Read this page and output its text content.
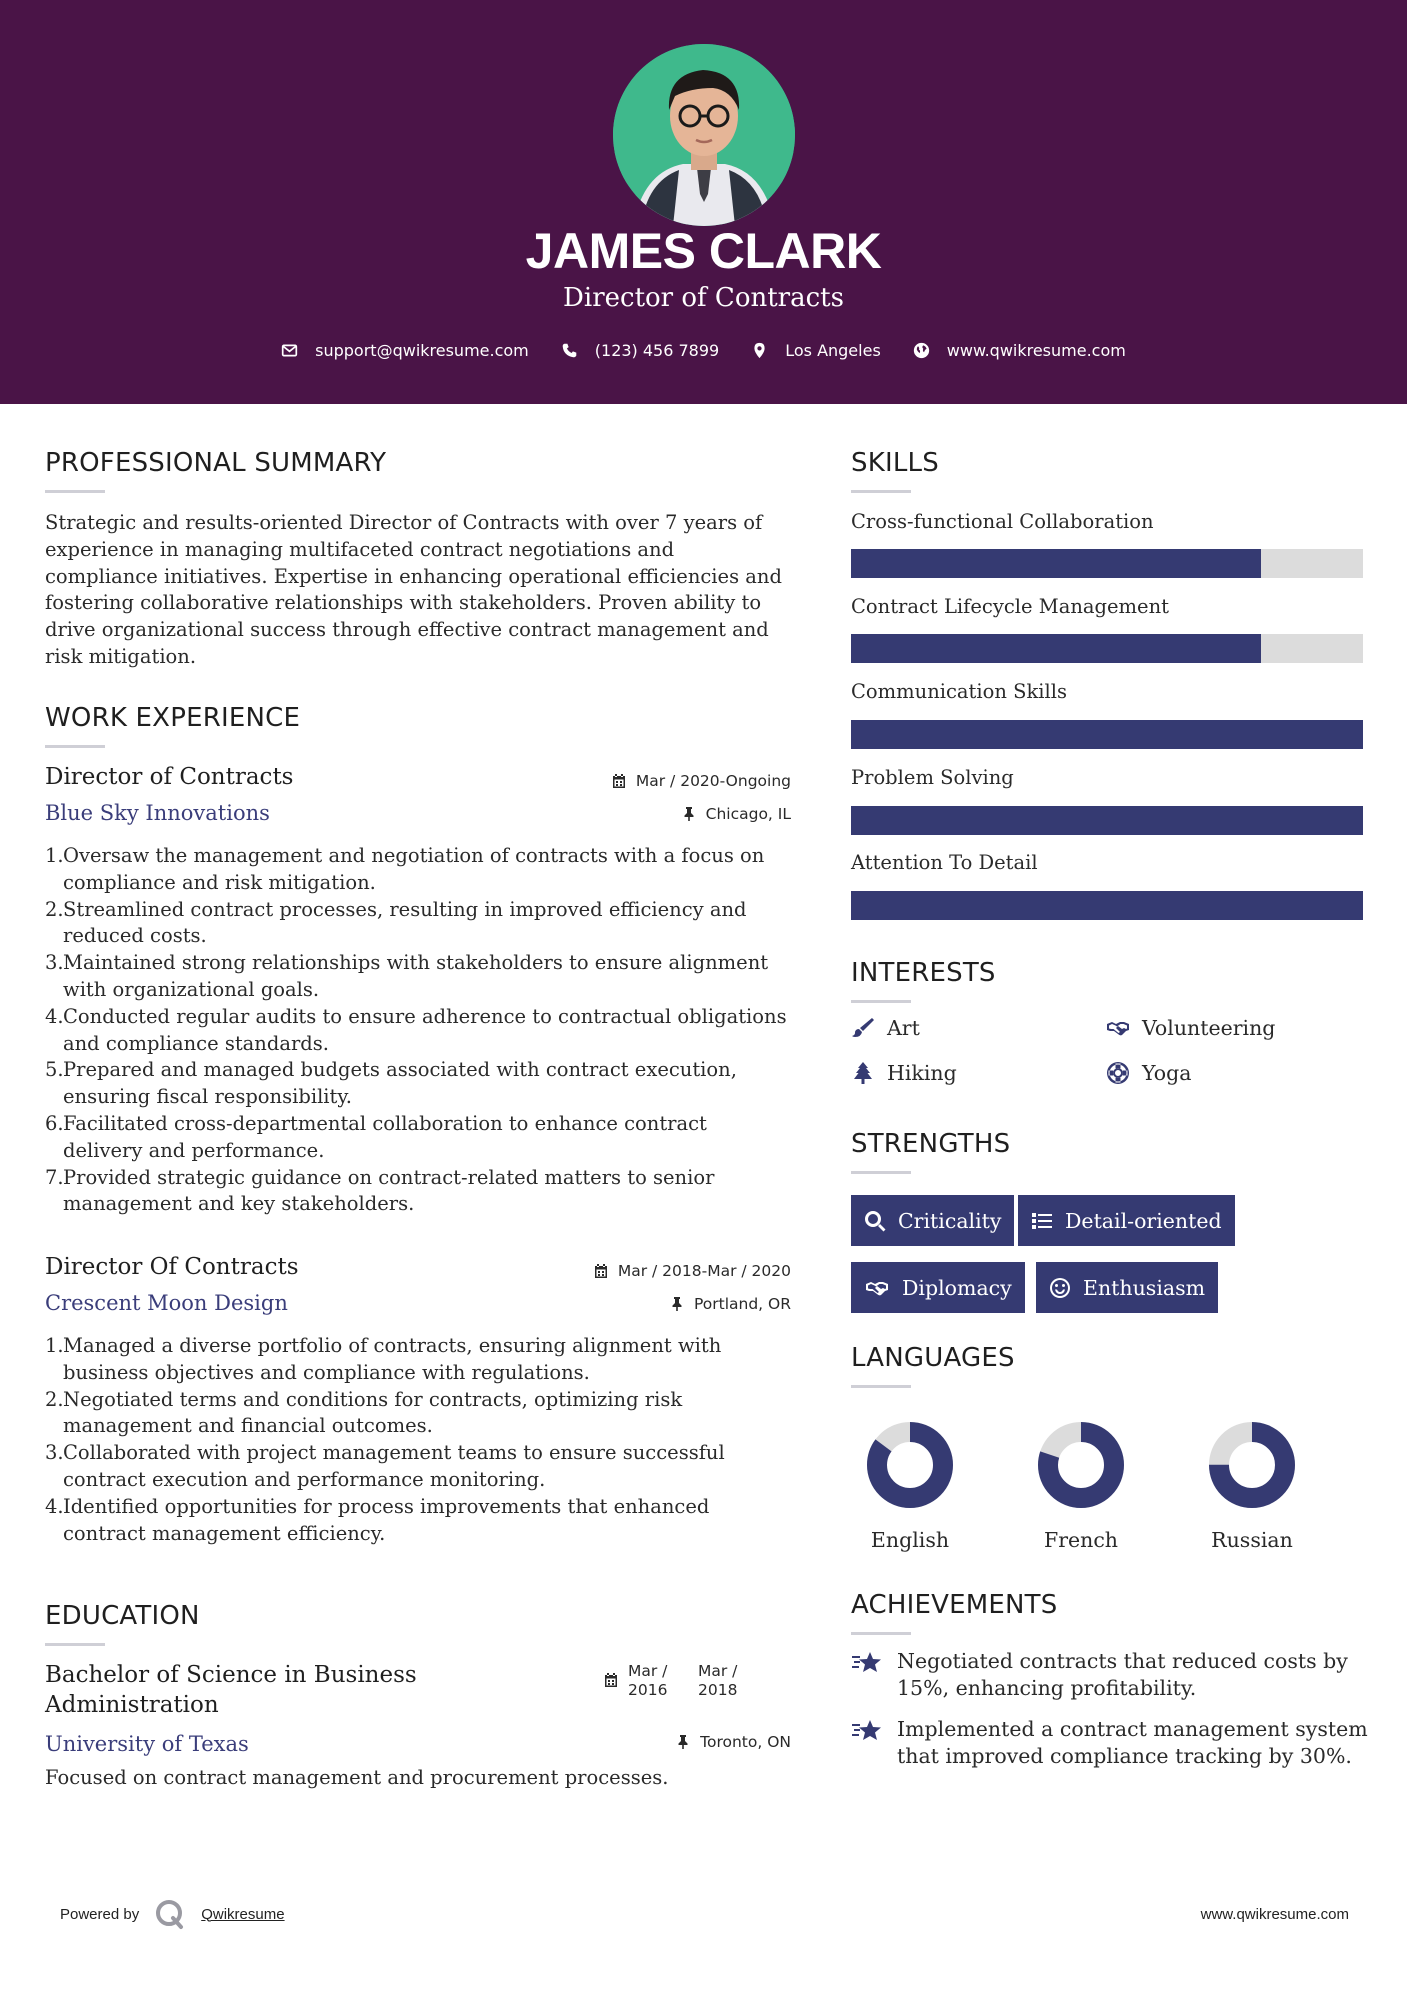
JAMES CLARK
Director of Contracts
support@qwikresume.com	(123) 456 7899	Los Angeles	www.qwikresume.com
PROFESSIONAL SUMMARY
Strategic and results-oriented Director of Contracts with over 7 years of experience in managing multifaceted contract negotiations and compliance initiatives. Expertise in enhancing operational efficiencies and fostering collaborative relationships with stakeholders. Proven ability to drive organizational success through effective contract management and risk mitigation.
WORK EXPERIENCE
Director of Contracts	Mar / 2020-Ongoing
Blue Sky Innovations	Chicago, IL
1. Oversaw the management and negotiation of contracts with a focus on compliance and risk mitigation.
2. Streamlined contract processes, resulting in improved efficiency and reduced costs.
3. Maintained strong relationships with stakeholders to ensure alignment with organizational goals.
4. Conducted regular audits to ensure adherence to contractual obligations and compliance standards.
5. Prepared and managed budgets associated with contract execution, ensuring fiscal responsibility.
6. Facilitated cross-departmental collaboration to enhance contract delivery and performance.
7. Provided strategic guidance on contract-related matters to senior management and key stakeholders.
Director Of Contracts	Mar / 2018-Mar / 2020
Crescent Moon Design	Portland, OR
1. Managed a diverse portfolio of contracts, ensuring alignment with business objectives and compliance with regulations.
2. Negotiated terms and conditions for contracts, optimizing risk management and financial outcomes.
3. Collaborated with project management teams to ensure successful contract execution and performance monitoring.
4. Identified opportunities for process improvements that enhanced contract management efficiency.
EDUCATION
Bachelor of Science in Business Administration
Mar / 2016
Mar / 2018
University of Texas	Toronto, ON
Focused on contract management and procurement processes.
SKILLS
Cross-functional Collaboration
Contract Lifecycle Management
Communication Skills
Problem Solving
Attention To Detail
INTERESTS
Art	Volunteering
Hiking	Yoga
STRENGTHS
Criticality	Detail-oriented
Diplomacy	Enthusiasm
LANGUAGES
English	French	Russian
ACHIEVEMENTS
Negotiated contracts that reduced costs by 15%, enhancing profitability.
Implemented a contract management system that improved compliance tracking by 30%.
Powered by	Qwikresume	www.qwikresume.com
